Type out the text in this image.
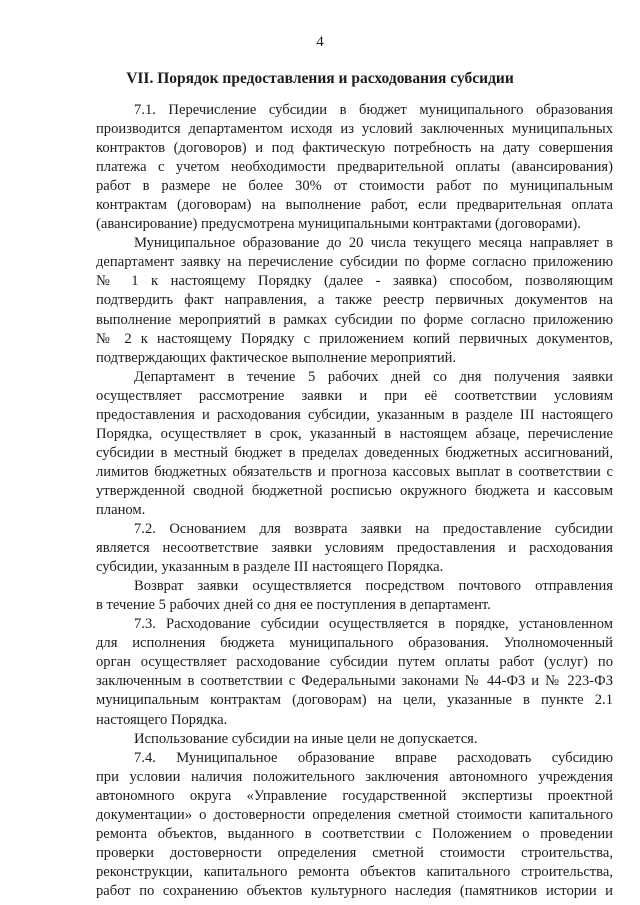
4
VII. Порядок предоставления и расходования субсидии
7.1. Перечисление субсидии в бюджет муниципального образования
производится департаментом исходя из условий заключенных муниципальных
контрактов (договоров) и под фактическую потребность на дату совершения
платежа с учетом необходимости предварительной оплаты (авансирования)
работ в размере не более 30% от стоимости работ по муниципальным
контрактам (договорам) на выполнение работ, если предварительная оплата
(авансирование) предусмотрена муниципальными контрактами (договорами).
Муниципальное образование до 20 числа текущего месяца направляет в
департамент заявку на перечисление субсидии по форме согласно приложению
№ 1 к настоящему Порядку (далее - заявка) способом, позволяющим
подтвердить факт направления, а также реестр первичных документов на
выполнение мероприятий в рамках субсидии по форме согласно приложению
№ 2 к настоящему Порядку с приложением копий первичных документов,
подтверждающих фактическое выполнение мероприятий.
Департамент в течение 5 рабочих дней со дня получения заявки
осуществляет рассмотрение заявки и при её соответствии условиям
предоставления и расходования субсидии, указанным в разделе III настоящего
Порядка, осуществляет в срок, указанный в настоящем абзаце, перечисление
субсидии в местный бюджет в пределах доведенных бюджетных ассигнований,
лимитов бюджетных обязательств и прогноза кассовых выплат в соответствии с
утвержденной сводной бюджетной росписью окружного бюджета и кассовым
планом.
7.2. Основанием для возврата заявки на предоставление субсидии
является несоответствие заявки условиям предоставления и расходования
субсидии, указанным в разделе III настоящего Порядка.
Возврат заявки осуществляется посредством почтового отправления
в течение 5 рабочих дней со дня ее поступления в департамент.
7.3. Расходование субсидии осуществляется в порядке, установленном
для исполнения бюджета муниципального образования. Уполномоченный
орган осуществляет расходование субсидии путем оплаты работ (услуг) по
заключенным в соответствии с Федеральными законами № 44-ФЗ и № 223-ФЗ
муниципальным контрактам (договорам) на цели, указанные в пункте 2.1
настоящего Порядка.
Использование субсидии на иные цели не допускается.
7.4. Муниципальное образование вправе расходовать субсидию
при условии наличия положительного заключения автономного учреждения
автономного округа «Управление государственной экспертизы проектной
документации» о достоверности определения сметной стоимости капитального
ремонта объектов, выданного в соответствии с Положением о проведении
проверки достоверности определения сметной стоимости строительства,
реконструкции, капитального ремонта объектов капитального строительства,
работ по сохранению объектов культурного наследия (памятников истории и
